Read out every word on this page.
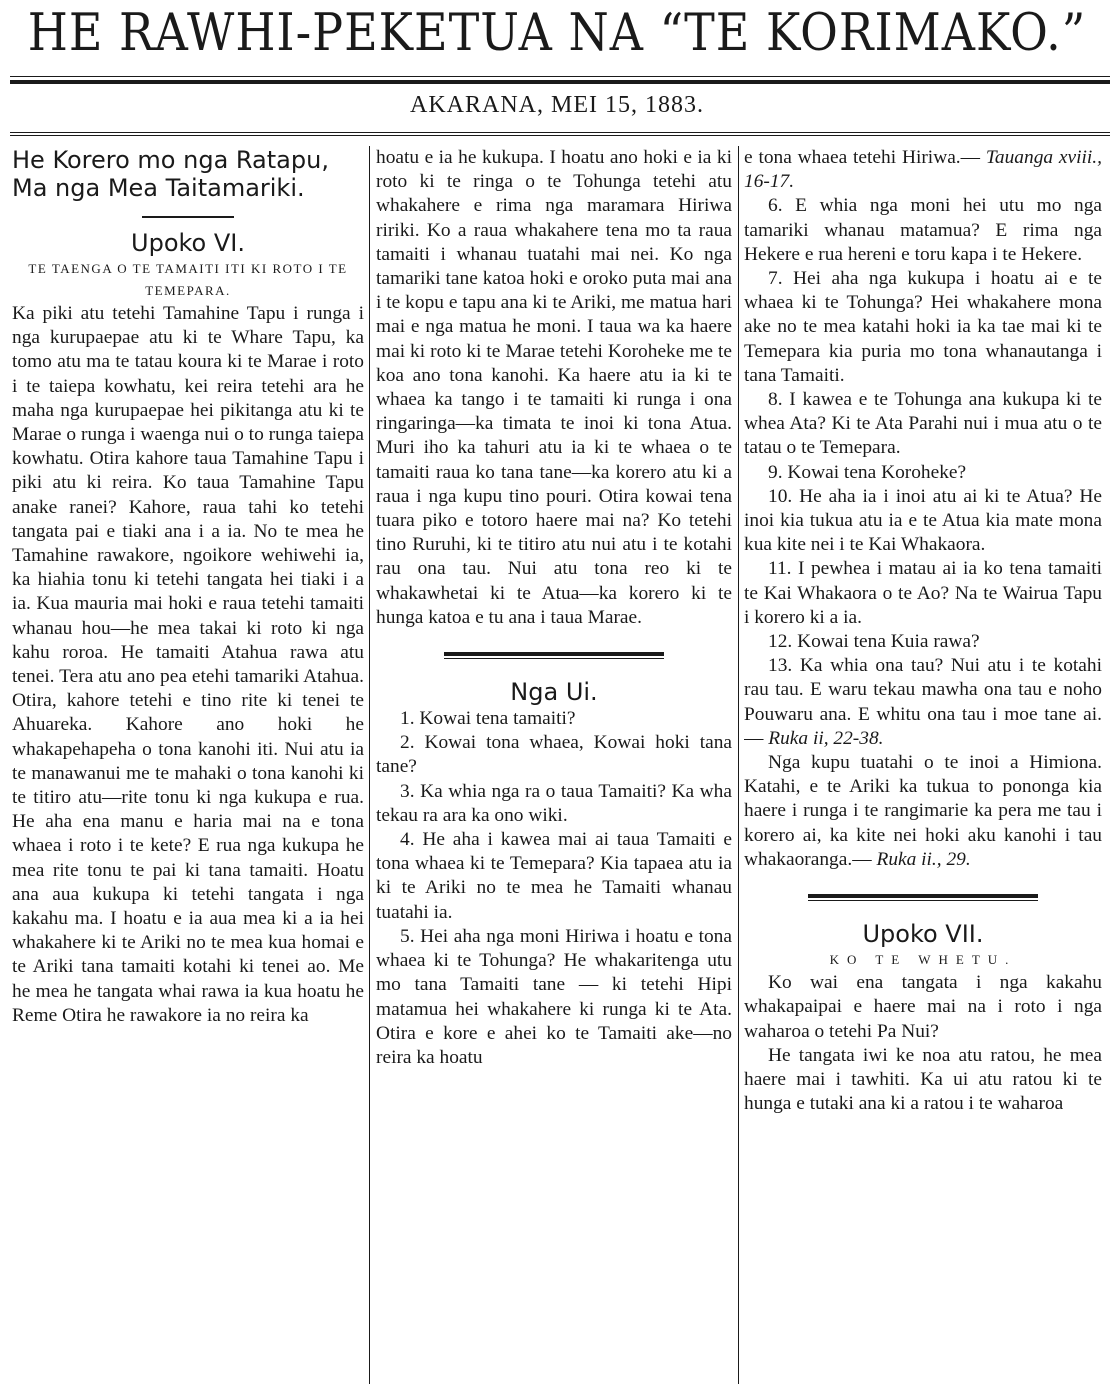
HE RAWHI-PEKETUA NA “TE KORIMAKO.”
AKARANA, MEI 15, 1883.

He Korero mo nga Ratapu, Ma nga Mea Taitamariki.

Upoko VI.

TE TAENGA O TE TAMAITI ITI KI ROTO I TE TEMEPARA.

Ka piki atu tetehi Tamahine Tapu i runga i nga kurupaepae atu ki te Whare Tapu, ka tomo atu ma te tatau koura ki te Marae i roto i te taiepa kowhatu, kei reira tetehi ara he maha nga kurupaepae hei pikitanga atu ki te Marae o runga i waenga nui o to runga taiepa kowhatu. Otira kahore taua Tamahine Tapu i piki atu ki reira. Ko taua Tamahine Tapu anake ranei? Kahore, raua tahi ko tetehi tangata pai e tiaki ana i a ia. No te mea he Tamahine rawakore, ngoikore wehiwehi ia, ka hiahia tonu ki tetehi tangata hei tiaki i a ia. Kua mauria mai hoki e raua tetehi tamaiti whanau hou—he mea takai ki roto ki nga kahu roroa. He tamaiti Atahua rawa atu tenei. Tera atu ano pea etehi tamariki Atahua. Otira, kahore tetehi e tino rite ki tenei te Ahuareka. Kahore ano hoki he whakapehapeha o tona kanohi iti. Nui atu ia te manawanui me te mahaki o tona kanohi ki te titiro atu—rite tonu ki nga kukupa e rua. He aha ena manu e haria mai na e tona whaea i roto i te kete? E rua nga kukupa he mea rite tonu te pai ki tana tamaiti. Hoatu ana aua kukupa ki tetehi tangata i nga kakahu ma. I hoatu e ia aua mea ki a ia hei whakahere ki te Ariki no te mea kua homai e te Ariki tana tamaiti kotahi ki tenei ao. Me he mea he tangata whai rawa ia kua hoatu he Reme Otira he rawakore ia no reira ka

hoatu e ia he kukupa. I hoatu ano hoki e ia ki roto ki te ringa o te Tohunga tetehi atu whakahere e rima nga maramara Hiriwa ririki. Ko a raua whakahere tena mo ta raua tamaiti i whanau tuatahi mai nei. Ko nga tamariki tane katoa hoki e oroko puta mai ana i te kopu e tapu ana ki te Ariki, me matua hari mai e nga matua he moni. I taua wa ka haere mai ki roto ki te Marae tetehi Koroheke me te koa ano tona kanohi. Ka haere atu ia ki te whaea ka tango i te tamaiti ki runga i ona ringaringa—ka timata te inoi ki tona Atua. Muri iho ka tahuri atu ia ki te whaea o te tamaiti raua ko tana tane—ka korero atu ki a raua i nga kupu tino pouri. Otira kowai tena tuara piko e totoro haere mai na? Ko tetehi tino Ruruhi, ki te titiro atu nui atu i te kotahi rau ona tau. Nui atu tona reo ki te whakawhetai ki te Atua—ka korero ki te hunga katoa e tu ana i taua Marae.

Nga Ui.

1. Kowai tena tamaiti?

2. Kowai tona whaea, Kowai hoki tana tane?

3. Ka whia nga ra o taua Tamaiti? Ka wha tekau ra ara ka ono wiki.

4. He aha i kawea mai ai taua Tamaiti e tona whaea ki te Temepara? Kia tapaea atu ia ki te Ariki no te mea he Tamaiti whanau tuatahi ia.

5. Hei aha nga moni Hiriwa i hoatu e tona whaea ki te Tohunga? He whakaritenga utu mo tana Tamaiti tane — ki tetehi Hipi matamua hei whakahere ki runga ki te Ata. Otira e kore e ahei ko te Tamaiti ake—no reira ka hoatu

e tona whaea tetehi Hiriwa.— Tauanga xviii., 16-17.

6. E whia nga moni hei utu mo nga tamariki whanau matamua? E rima nga Hekere e rua hereni e toru kapa i te Hekere.

7. Hei aha nga kukupa i hoatu ai e te whaea ki te Tohunga? Hei whakahere mona ake no te mea katahi hoki ia ka tae mai ki te Temepara kia puria mo tona whanautanga i tana Tamaiti.

8. I kawea e te Tohunga ana kukupa ki te whea Ata? Ki te Ata Parahi nui i mua atu o te tatau o te Temepara.

9. Kowai tena Koroheke?

10. He aha ia i inoi atu ai ki te Atua? He inoi kia tukua atu ia e te Atua kia mate mona kua kite nei i te Kai Whakaora.

11. I pewhea i matau ai ia ko tena tamaiti te Kai Whakaora o te Ao? Na te Wairua Tapu i korero ki a ia.

12. Kowai tena Kuia rawa?

13. Ka whia ona tau? Nui atu i te kotahi rau tau. E waru tekau mawha ona tau e noho Pouwaru ana. E whitu ona tau i moe tane ai.— Ruka ii, 22-38.

Nga kupu tuatahi o te inoi a Himiona. Katahi, e te Ariki ka tukua to pononga kia haere i runga i te rangimarie ka pera me tau i korero ai, ka kite nei hoki aku kanohi i tau whakaoranga.— Ruka ii., 29.

Upoko VII.

KO TE WHETU.

Ko wai ena tangata i nga kakahu whakapaipai e haere mai na i roto i nga waharoa o tetehi Pa Nui?

He tangata iwi ke noa atu ratou, he mea haere mai i tawhiti. Ka ui atu ratou ki te hunga e tutaki ana ki a ratou i te waharoa
